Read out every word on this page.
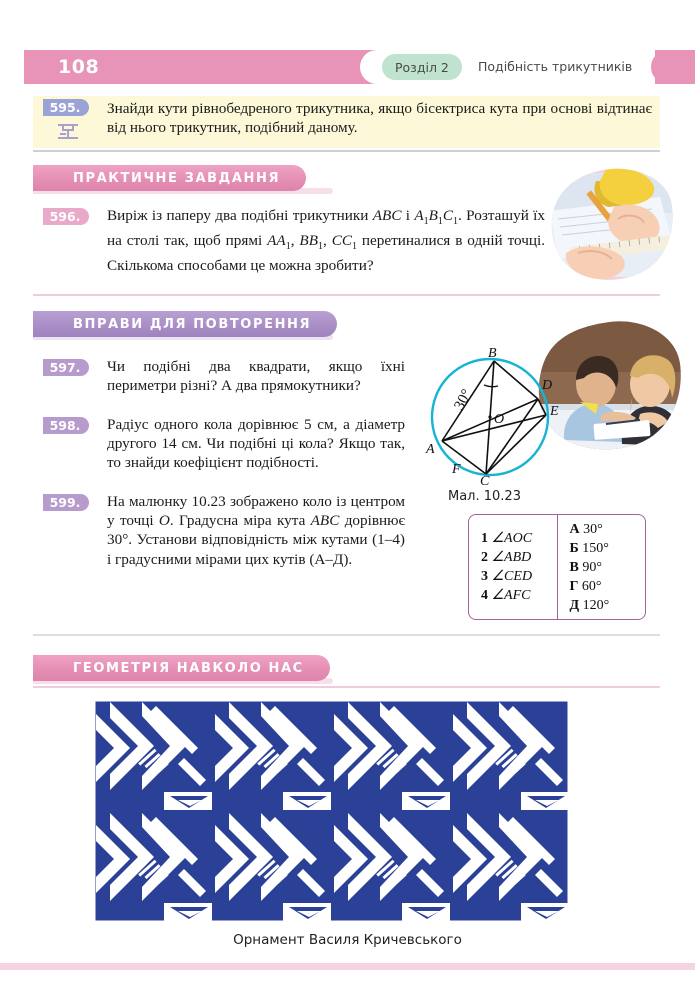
108	Розділ 2 Подібність трикутників
595.	Знайди кути рівнобедреного трикутника, якщо бісектриса кута при основі відтинає від нього трикутник, подібний даному.
ПРАКТИЧНЕ ЗАВДАННЯ
596.	Виріж із паперу два подібні трикутники ABC і $A_1B_1C_1$. Розташуй їх на столі так, щоб прямі $AA_1$, $BB_1$, $CC_1$ перетиналися в одній точці. Скількома способами це можна зробити?
ВПРАВИ ДЛЯ ПОВТОРЕННЯ
597.	Чи подібні два квадрати, якщо їхні периметри різні? А два прямокутники?
598.	Радіус одного кола дорівнює 5 см, а діаметр другого 14 см. Чи подібні ці кола? Якщо так, то знайди коефіцієнт подібності.
599.	На малюнку 10.23 зображено коло із центром у точці O. Градусна міра кута ABC дорівнює 30°. Установи відповідність між кутами (1–4) і градусними мірами цих кутів (А–Д).
B
A
C
D
E
F
O
30°
Мал. 10.23
1 ∠AOC
2 ∠ABD
3 ∠CED
4 ∠AFC
А 30°
Б 150°
В 90°
Г 60°
Д 120°
ГЕОМЕТРІЯ НАВКОЛО НАС
Орнамент Василя Кричевського
